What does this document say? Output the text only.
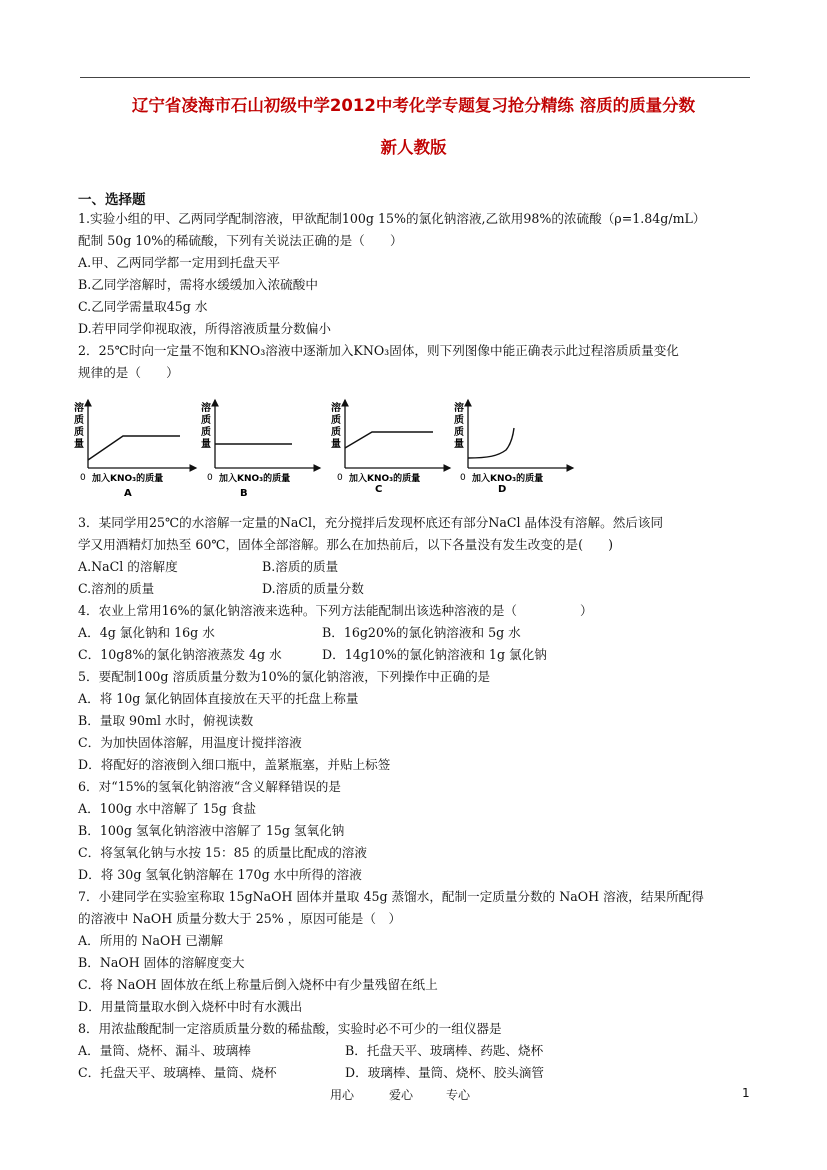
辽宁省凌海市石山初级中学2012中考化学专题复习抢分精练 溶质的质量分数
新人教版
一、选择题
1.实验小组的甲、乙两同学配制溶液，甲欲配制100g 15%的氯化钠溶液,乙欲用98%的浓硫酸（ρ=1.84g/mL）
配制 50g 10%的稀硫酸，下列有关说法正确的是（　　）
A.甲、乙两同学都一定用到托盘天平
B.乙同学溶解时，需将水缓缓加入浓硫酸中
C.乙同学需量取45g 水
D.若甲同学仰视取液，所得溶液质量分数偏小
2．25℃时向一定量不饱和KNO₃溶液中逐渐加入KNO₃固体，则下列图像中能正确表示此过程溶质质量变化
规律的是（　　）
溶
质
质
量
0 加入KNO₃的质量
A
溶
质
质
量
0 加入KNO₃的质量
B
溶
质
质
量
0 加入KNO₃的质量
C
溶
质
质
量
0 加入KNO₃的质量
D
3．某同学用25℃的水溶解一定量的NaCl，充分搅拌后发现杯底还有部分NaCl 晶体没有溶解。然后该同
学又用酒精灯加热至 60℃，固体全部溶解。那么在加热前后，以下各量没有发生改变的是(　　)
A.NaCl 的溶解度	B.溶质的质量
C.溶剂的质量	D.溶质的质量分数
4．农业上常用16%的氯化钠溶液来选种。下列方法能配制出该选种溶液的是（　　　　　）
A．4g 氯化钠和 16g 水	B．16g20%的氯化钠溶液和 5g 水
C．10g8%的氯化钠溶液蒸发 4g 水	D．14g10%的氯化钠溶液和 1g 氯化钠
5．要配制100g 溶质质量分数为10%的氯化钠溶液，下列操作中正确的是
A．将 10g 氯化钠固体直接放在天平的托盘上称量
B．量取 90ml 水时，俯视读数
C．为加快固体溶解，用温度计搅拌溶液
D．将配好的溶液倒入细口瓶中，盖紧瓶塞，并贴上标签
6．对“15%的氢氧化钠溶液“含义解释错误的是
A．100g 水中溶解了 15g 食盐
B．100g 氢氧化钠溶液中溶解了 15g 氢氧化钠
C．将氢氧化钠与水按 15：85 的质量比配成的溶液
D．将 30g 氢氧化钠溶解在 170g 水中所得的溶液
7．小建同学在实验室称取 15gNaOH 固体并量取 45g 蒸馏水，配制一定质量分数的 NaOH 溶液，结果所配得
的溶液中 NaOH 质量分数大于 25% ，原因可能是（　）
A．所用的 NaOH 已潮解
B．NaOH 固体的溶解度变大
C．将 NaOH 固体放在纸上称量后倒入烧杯中有少量残留在纸上
D．用量筒量取水倒入烧杯中时有水溅出
8．用浓盐酸配制一定溶质质量分数的稀盐酸，实验时必不可少的一组仪器是
A．量筒、烧杯、漏斗、玻璃棒	B．托盘天平、玻璃棒、药匙、烧杯
C．托盘天平、玻璃棒、量筒、烧杯	D．玻璃棒、量筒、烧杯、胶头滴管
用心	爱心	专心	1
